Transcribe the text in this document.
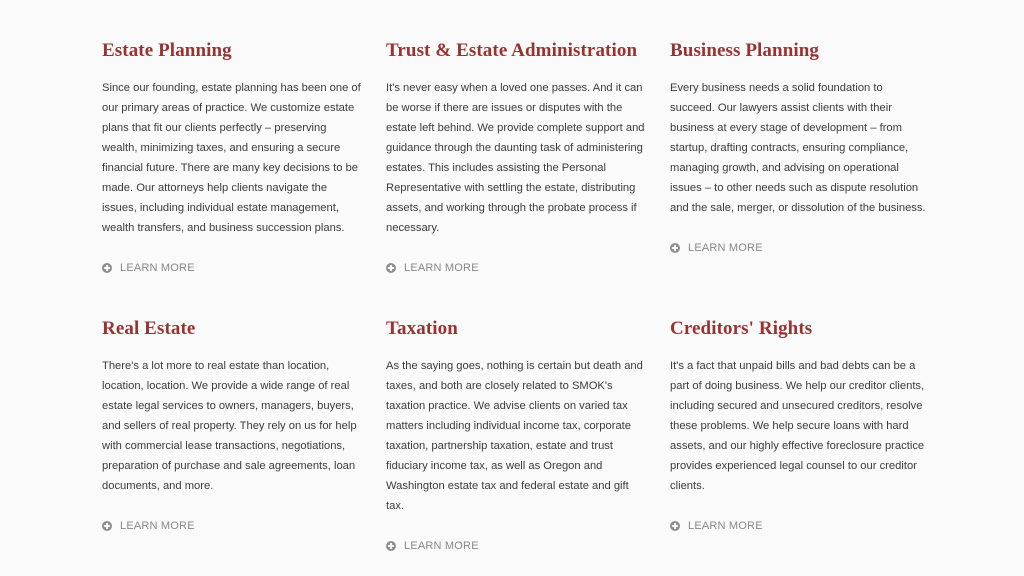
Estate Planning

Since our founding, estate planning has been one of our primary areas of practice. We customize estate plans that fit our clients perfectly – preserving wealth, minimizing taxes, and ensuring a secure financial future. There are many key decisions to be made. Our attorneys help clients navigate the issues, including individual estate management, wealth transfers, and business succession plans.

LEARN MORE
Trust & Estate Administration

It's never easy when a loved one passes. And it can be worse if there are issues or disputes with the estate left behind. We provide complete support and guidance through the daunting task of administering estates. This includes assisting the Personal Representative with settling the estate, distributing assets, and working through the probate process if necessary.

LEARN MORE
Business Planning

Every business needs a solid foundation to succeed. Our lawyers assist clients with their business at every stage of development – from startup, drafting contracts, ensuring compliance, managing growth, and advising on operational issues – to other needs such as dispute resolution and the sale, merger, or dissolution of the business.

LEARN MORE
Real Estate

There's a lot more to real estate than location, location, location. We provide a wide range of real estate legal services to owners, managers, buyers, and sellers of real property. They rely on us for help with commercial lease transactions, negotiations, preparation of purchase and sale agreements, loan documents, and more.

LEARN MORE
Taxation

As the saying goes, nothing is certain but death and taxes, and both are closely related to SMOK's taxation practice. We advise clients on varied tax matters including individual income tax, corporate taxation, partnership taxation, estate and trust fiduciary income tax, as well as Oregon and Washington estate tax and federal estate and gift tax.

LEARN MORE
Creditors' Rights

It's a fact that unpaid bills and bad debts can be a part of doing business. We help our creditor clients, including secured and unsecured creditors, resolve these problems. We help secure loans with hard assets, and our highly effective foreclosure practice provides experienced legal counsel to our creditor clients.

LEARN MORE
